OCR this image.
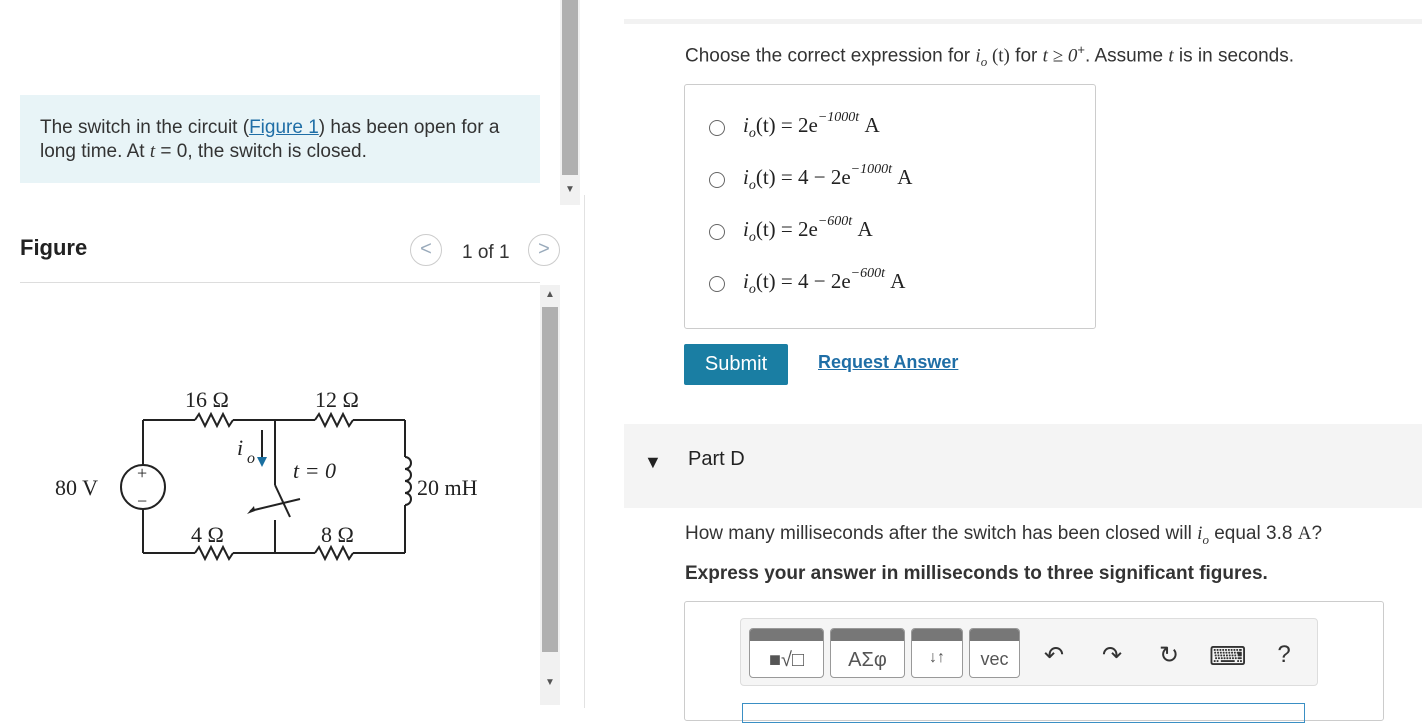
The switch in the circuit (Figure 1) has been open for a long time. At t = 0, the switch is closed.
Figure	<	1 of 1	>
16 Ω	12 Ω
4 Ω	8 Ω
80 V	20 mH
i o t = 0
+
−
▼
▲
▼
Choose the correct expression for $i_o$ (t) for t ≥ 0+. Assume t is in seconds.
$i_o(t) = 2e^{-1000t}$ A
$i_o(t) = 4 - 2e^{-1000t}$ A
$i_o(t) = 2e^{-600t}$ A
$i_o(t) = 4 - 2e^{-600t}$ A
Submit	Request Answer
▼ Part D
How many milliseconds after the switch has been closed will $i_o$ equal 3.8 A?
Express your answer in milliseconds to three significant figures.
■√□	ΑΣφ	↓↑	vec	↶ ↷ ↻ ⌨	?
